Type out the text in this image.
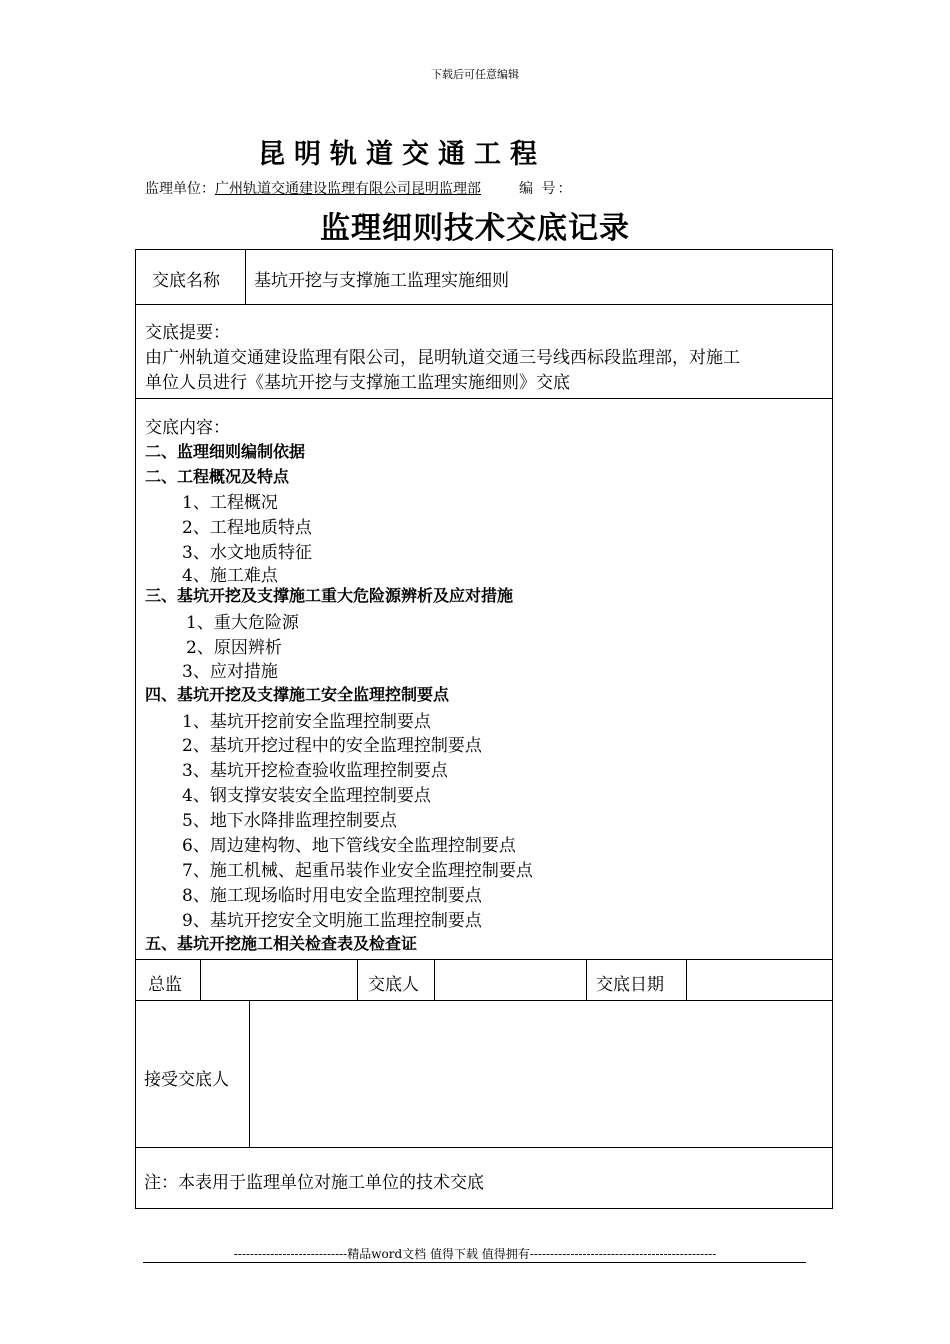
下载后可任意编辑
昆明轨道交通工程
监理单位：广州轨道交通建设监理有限公司昆明监理部	编 号：
监理细则技术交底记录
交底名称 基坑开挖与支撑施工监理实施细则
交底提要：
由广州轨道交通建设监理有限公司，昆明轨道交通三号线西标段监理部，对施工
单位人员进行《基坑开挖与支撑施工监理实施细则》交底
交底内容：
二、监理细则编制依据
二、工程概况及特点
1、工程概况
2、工程地质特点
3、水文地质特征
4、施工难点
三、基坑开挖及支撑施工重大危险源辨析及应对措施
1、重大危险源
2、原因辨析
3、应对措施
四、基坑开挖及支撑施工安全监理控制要点
1、基坑开挖前安全监理控制要点
2、基坑开挖过程中的安全监理控制要点
3、基坑开挖检查验收监理控制要点
4、钢支撑安装安全监理控制要点
5、地下水降排监理控制要点
6、周边建构物、地下管线安全监理控制要点
7、施工机械、起重吊装作业安全监理控制要点
8、施工现场临时用电安全监理控制要点
9、基坑开挖安全文明施工监理控制要点
五、基坑开挖施工相关检查表及检查证
总监	交底人	交底日期
接受交底人
注：本表用于监理单位对施工单位的技术交底
----------------------------精品word文档 值得下载 值得拥有----------------------------------------------
